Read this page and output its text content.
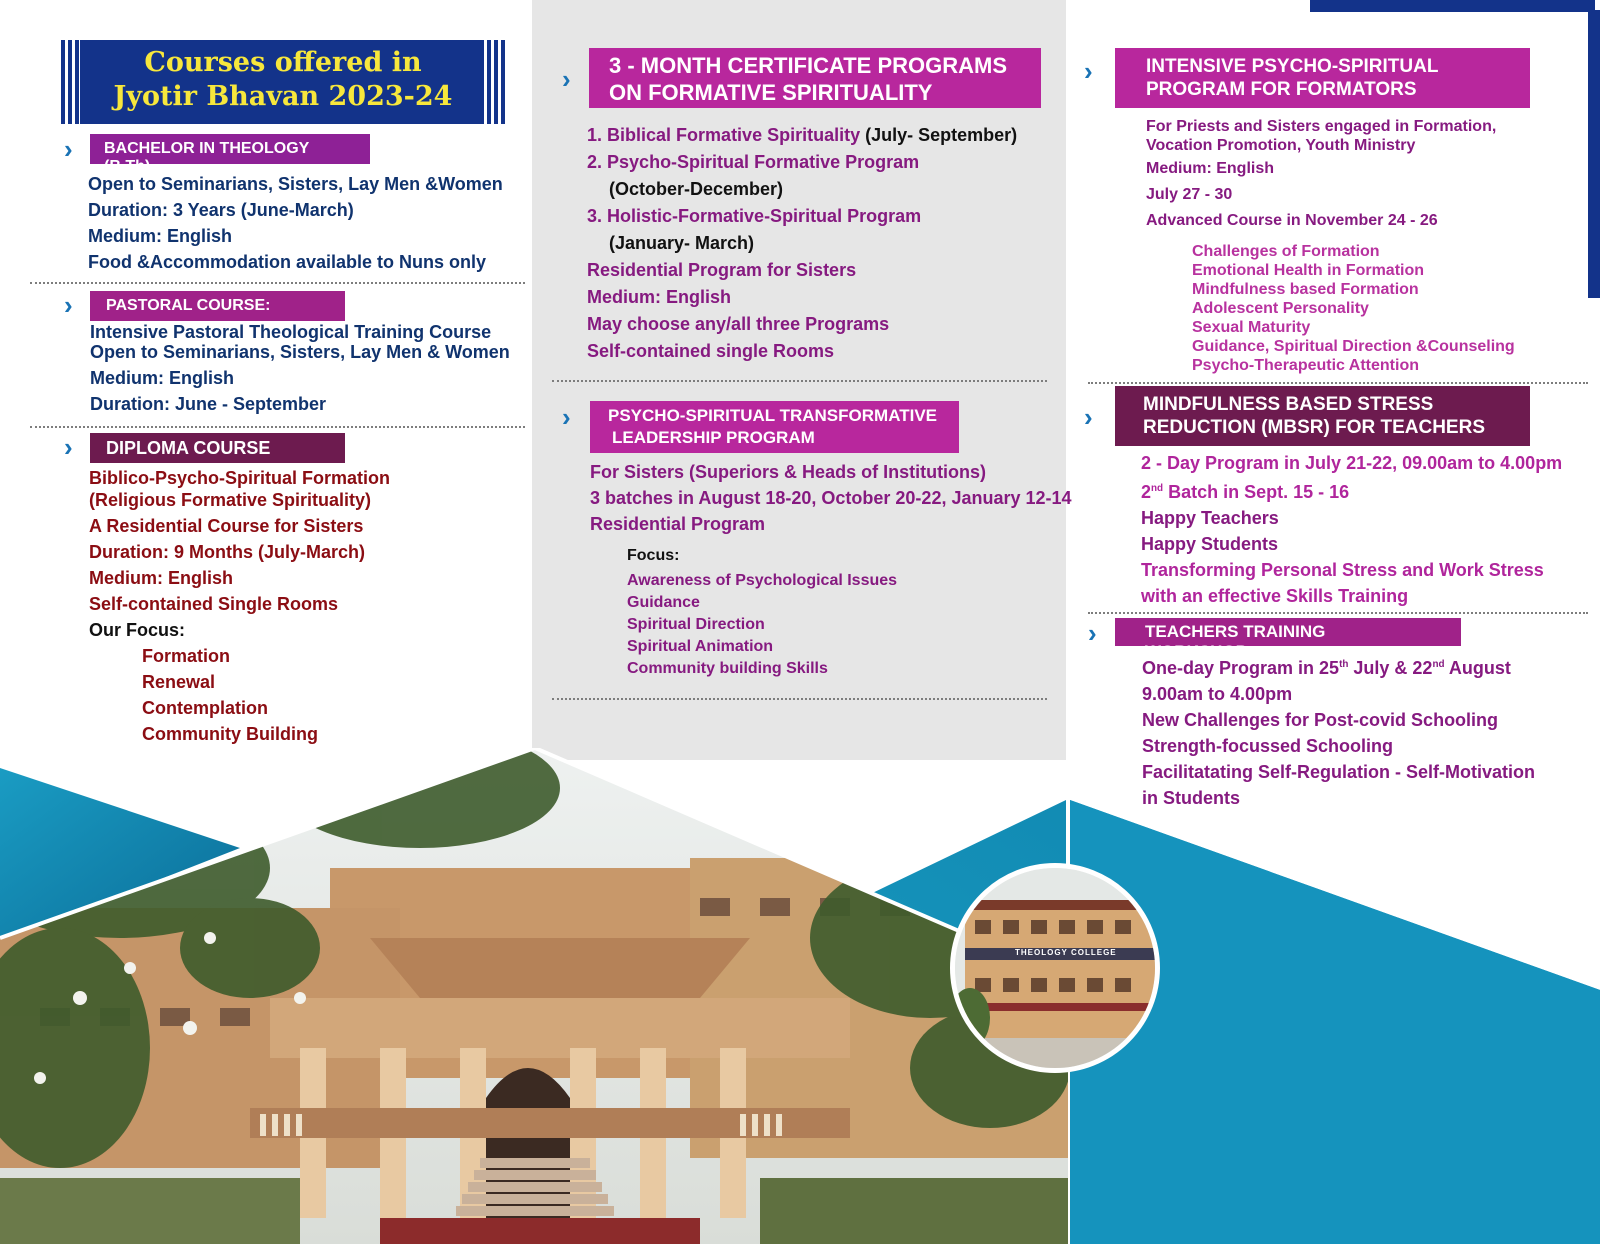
THEOLOGY COLLEGE
Courses offered in
Jyotir Bhavan 2023-24
›	BACHELOR IN THEOLOGY (B.Th)
Open to Seminarians, Sisters, Lay Men &Women
Duration: 3 Years (June-March)
Medium: English
Food &Accommodation available to Nuns only
›	PASTORAL COURSE:
Intensive Pastoral Theological Training Course
Open to Seminarians, Sisters, Lay Men & Women
Medium: English
Duration: June - September
›	DIPLOMA COURSE
Biblico-Psycho-Spiritual Formation
(Religious Formative Spirituality)
A Residential Course for Sisters
Duration: 9 Months (July-March)
Medium: English
Self-contained Single Rooms
Our Focus:
Formation
Renewal
Contemplation
Community Building
› 3 - MONTH CERTIFICATE PROGRAMS
ON FORMATIVE SPIRITUALITY
1. Biblical Formative Spirituality (July- September)
2. Psycho-Spiritual Formative Program
(October-December)
3. Holistic-Formative-Spiritual Program
(January- March)
Residential Program for Sisters
Medium: English
May choose any/all three Programs
Self-contained single Rooms
› PSYCHO-SPIRITUAL TRANSFORMATIVE
LEADERSHIP PROGRAM
For Sisters (Superiors & Heads of Institutions)
3 batches in August 18-20, October 20-22, January 12-14
Residential Program
Focus:
Awareness of Psychological Issues
Guidance
Spiritual Direction
Spiritual Animation
Community building Skills
›	INTENSIVE PSYCHO-SPIRITUAL
PROGRAM FOR FORMATORS
For Priests and Sisters engaged in Formation,
Vocation Promotion, Youth Ministry
Medium: English
July 27 - 30
Advanced Course in November 24 - 26
Challenges of Formation
Emotional Health in Formation
Mindfulness based Formation
Adolescent Personality
Sexual Maturity
Guidance, Spiritual Direction &Counseling
Psycho-Therapeutic Attention
›	MINDFULNESS BASED STRESS
REDUCTION (MBSR) FOR TEACHERS
2 - Day Program in July 21-22, 09.00am to 4.00pm
2nd Batch in Sept. 15 - 16
Happy Teachers
Happy Students
Transforming Personal Stress and Work Stress
with an effective Skills Training
›	TEACHERS TRAINING WORKSHOP
One-day Program in 25th July & 22nd August
9.00am to 4.00pm
New Challenges for Post-covid Schooling
Strength-focussed Schooling
Facilitatating Self-Regulation - Self-Motivation
in Students
